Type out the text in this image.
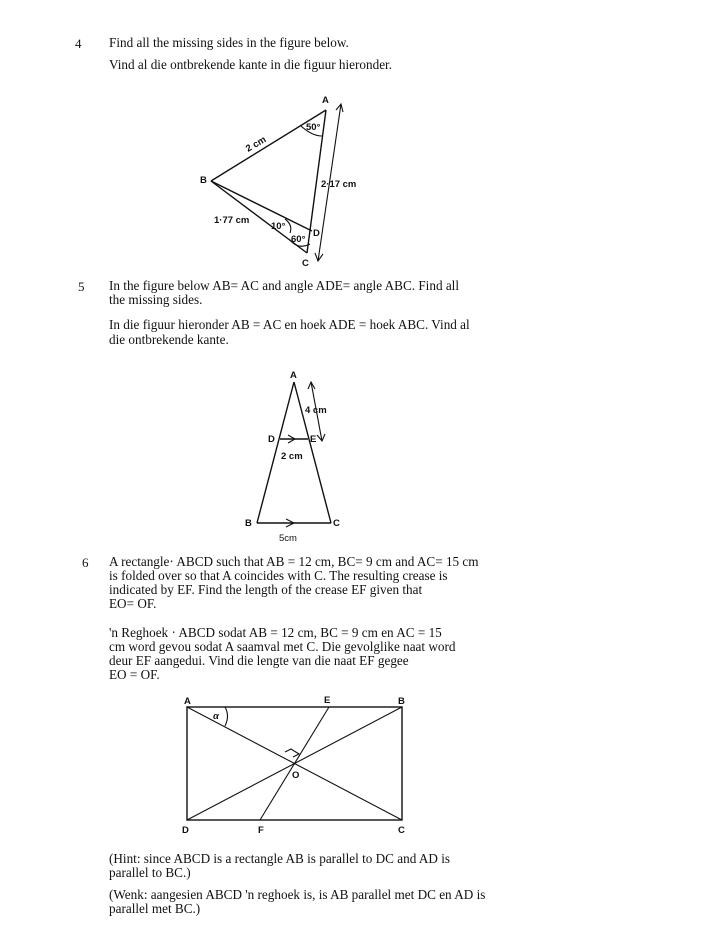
4 Find all the missing sides in the figure below.
Vind al die ontbrekende kante in die figuur hieronder.
A
B
C
D
2 cm
2·17 cm
1·77 cm
50°
10°
60°
5 In the figure below AB= AC and angle ADE= angle ABC. Find all
the missing sides.
In die figuur hieronder AB = AC en hoek ADE = hoek ABC. Vind al
die ontbrekende kante.
A
B	C
D	E
4 cm
2 cm
5cm
6 A rectangle· ABCD such that AB = 12 cm, BC= 9 cm and AC= 15 cm
is folded over so that A coincides with C. The resulting crease is
indicated by EF. Find the length of the crease EF given that
EO= OF.
'n Reghoek · ABCD sodat AB = 12 cm, BC = 9 cm en AC = 15
cm word gevou sodat A saamval met C. Die gevolglike naat word
deur EF aangedui. Vind die lengte van die naat EF gegee
EO = OF.
A	B
C
D
E
F
O
α
(Hint: since ABCD is a rectangle AB is parallel to DC and AD is
parallel to BC.)
(Wenk: aangesien ABCD 'n reghoek is, is AB parallel met DC en AD is
parallel met BC.)
